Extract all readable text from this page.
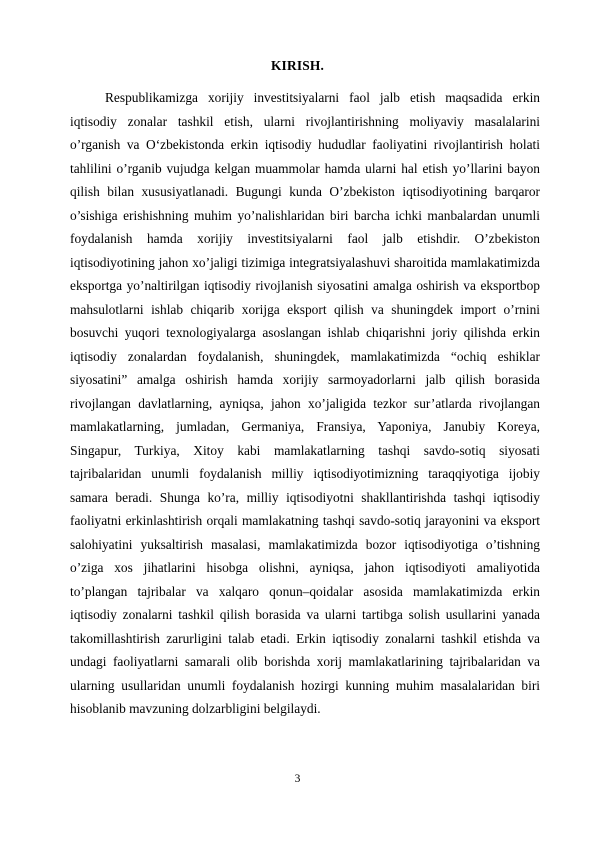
KIRISH.

Respublikamizga xorijiy investitsiyalarni faol jalb etish maqsadida erkin iqtisodiy zonalar tashkil etish, ularni rivojlantirishning moliyaviy masalalarini o’rganish va O‘zbekistonda erkin iqtisodiy hududlar faoliyatini rivojlantirish holati tahlilini o’rganib vujudga kelgan muammolar hamda ularni hal etish yo’llarini bayon qilish bilan xususiyatlanadi. Bugungi kunda O’zbekiston iqtisodiyotining barqaror o’sishiga erishishning muhim yo’nalishlaridan biri barcha ichki manbalardan unumli foydalanish hamda xorijiy investitsiyalarni faol jalb etishdir. O’zbekiston iqtisodiyotining jahon xo’jaligi tizimiga integratsiyalashuvi sharoitida mamlakatimizda eksportga yo’naltirilgan iqtisodiy rivojlanish siyosatini amalga oshirish va eksportbop mahsulotlarni ishlab chiqarib xorijga eksport qilish va shuningdek import o’rnini bosuvchi yuqori texnologiyalarga asoslangan ishlab chiqarishni joriy qilishda erkin iqtisodiy zonalardan foydalanish, shuningdek, mamlakatimizda “ochiq eshiklar siyosatini” amalga oshirish hamda xorijiy sarmoyadorlarni jalb qilish borasida rivojlangan davlatlarning, ayniqsa, jahon xo’jaligida tezkor sur’atlarda rivojlangan mamlakatlarning, jumladan, Germaniya, Fransiya, Yaponiya, Janubiy Koreya, Singapur, Turkiya, Xitoy kabi mamlakatlarning tashqi savdo-sotiq siyosati tajribalaridan unumli foydalanish milliy iqtisodiyotimizning taraqqiyotiga ijobiy samara beradi. Shunga ko’ra, milliy iqtisodiyotni shakllantirishda tashqi iqtisodiy faoliyatni erkinlashtirish orqali mamlakatning tashqi savdo-sotiq jarayonini va eksport salohiyatini yuksaltirish masalasi, mamlakatimizda bozor iqtisodiyotiga o’tishning o’ziga xos jihatlarini hisobga olishni, ayniqsa, jahon iqtisodiyoti amaliyotida to’plangan tajribalar va xalqaro qonun–qoidalar asosida mamlakatimizda erkin iqtisodiy zonalarni tashkil qilish borasida va ularni tartibga solish usullarini yanada takomillashtirish zarurligini talab etadi. Erkin iqtisodiy zonalarni tashkil etishda va undagi faoliyatlarni samarali olib borishda xorij mamlakatlarining tajribalaridan va ularning usullaridan unumli foydalanish hozirgi kunning muhim masalalaridan biri hisoblanib mavzuning dolzarbligini belgilaydi.

3
